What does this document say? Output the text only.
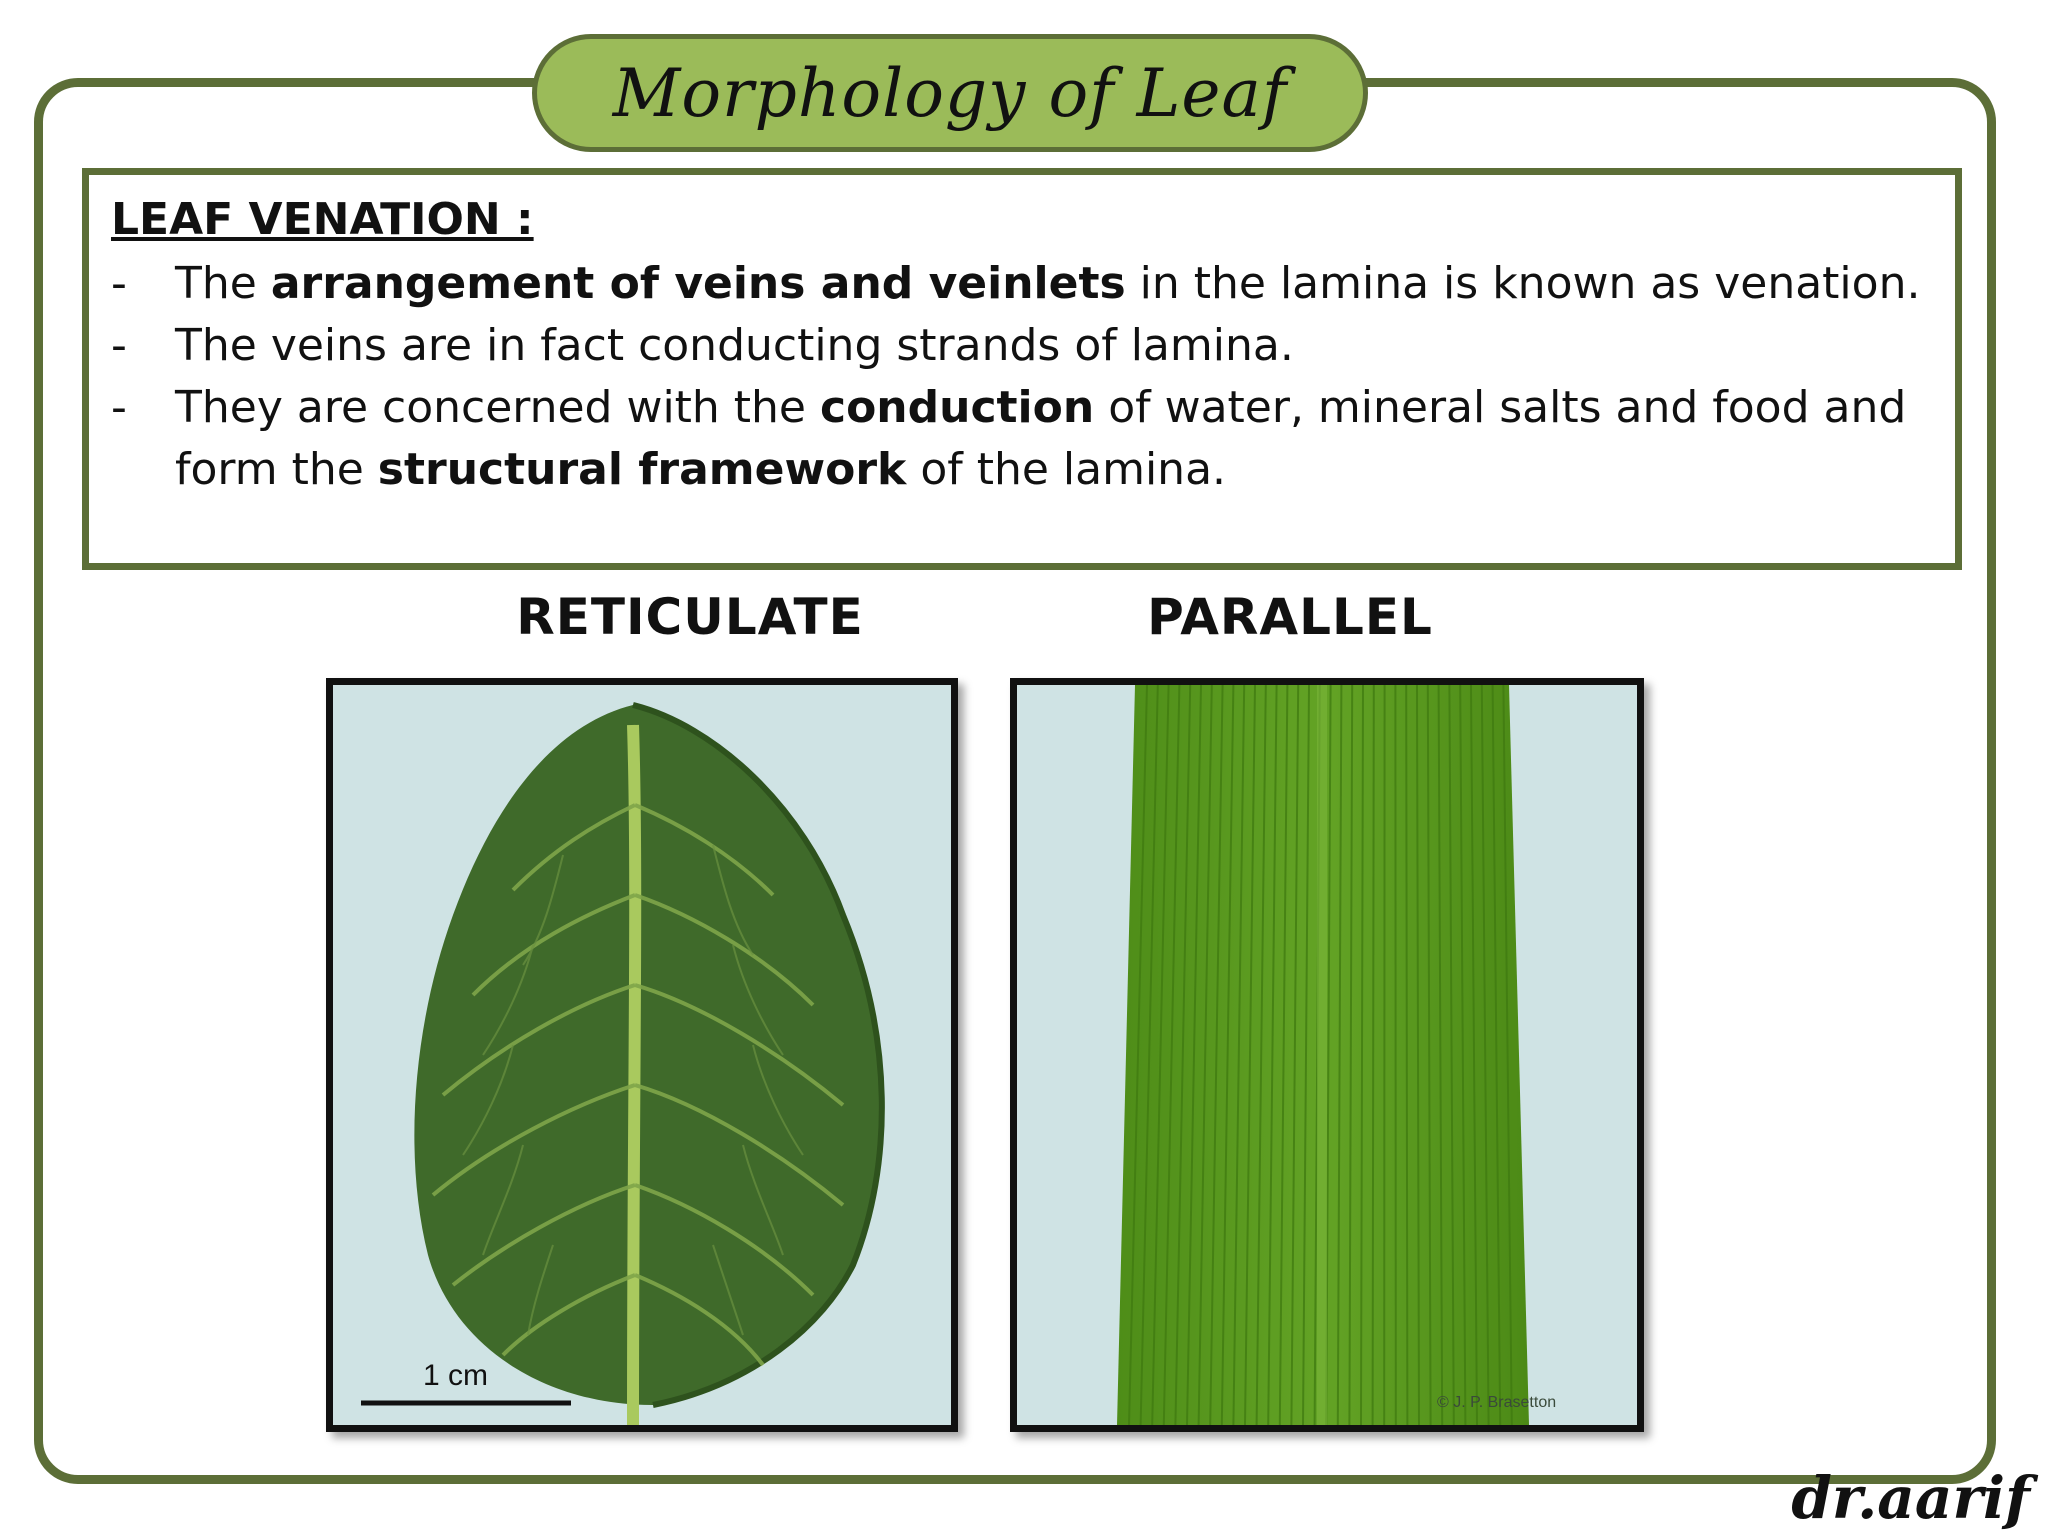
Morphology of Leaf
LEAF VENATION :
- The arrangement of veins and veinlets in the lamina is known as venation.
- The veins are in fact conducting strands of lamina.
- They are concerned with the conduction of water, mineral salts and food and form the structural framework of the lamina.
RETICULATE	PARALLEL
1 cm
© J. P. Brasetton
dr.aarif
